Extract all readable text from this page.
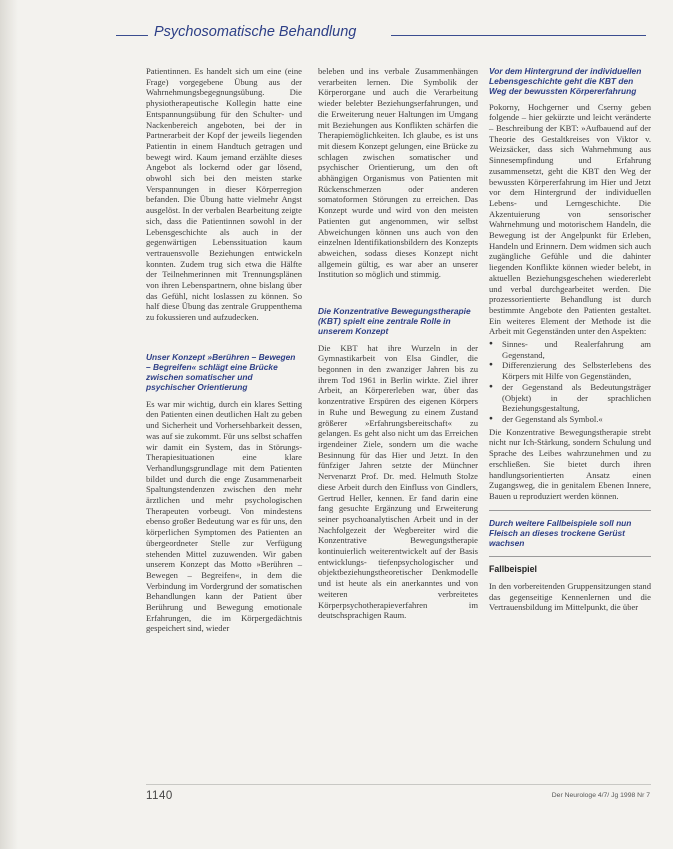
Psychosomatische Behandlung

Patientinnen. Es handelt sich um eine (eine Frage) vorgegebene Übung aus der Wahrnehmungsbegegnungsübung. Die physiotherapeutische Kollegin hatte eine Entspannungsübung für den Schulter- und Nackenbereich angeboten, bei der in Partnerarbeit der Kopf der jeweils liegenden Patientin in einem Handtuch getragen und bewegt wird. Kaum jemand erzählte dieses Angebot als lockernd oder gar lösend, obwohl sich bei den meisten starke Verspannungen in dieser Körperregion befanden. Die Übung hatte vielmehr Angst ausgelöst. In der verbalen Bearbeitung zeigte sich, dass die Patientinnen sowohl in der Lebensgeschichte als auch in der gegenwärtigen Lebenssituation kaum vertrauensvolle Beziehungen entwickeln konnten. Zudem trug sich etwa die Hälfte der Teilnehmerinnen mit Trennungsplänen von ihren Lebenspartnern, ohne bislang über das Gefühl, nicht loslassen zu können. So half diese Übung das zentrale Gruppenthema zu fokussieren und aufzudecken.

Unser Konzept »Berühren – Bewegen – Begreifen« schlägt eine Brücke zwischen somatischer und psychischer Orientierung

Es war mir wichtig, durch ein klares Setting den Patienten einen deutlichen Halt zu geben und Sicherheit und Vorhersehbarkeit dessen, was auf sie zukommt. Für uns selbst schaffen wir damit ein System, das in Störungs- Therapiesituationen eine klare Verhandlungsgrundlage mit dem Patienten bildet und durch die enge Zusammenarbeit Spaltungstendenzen zwischen den mehr ärztlichen und mehr psychologischen Therapeuten vorbeugt. Von mindestens ebenso großer Bedeutung war es für uns, den körperlichen Symptomen des Patienten an übergeordneter Stelle zur Verfügung stehenden Mittel zuzuwenden. Wir gaben unserem Konzept das Motto »Berühren – Bewegen – Begreifen«, in dem die Verbindung im Vordergrund der somatischen Behandlungen kann der Patient über Berührung und Bewegung emotionale Erfahrungen, die im Körpergedächtnis gespeichert sind, wieder

beleben und ins verbale Zusammenhängen verarbeiten lernen. Die Symbolik der Körperorgane und auch die Verarbeitung wieder belebter Beziehungserfahrungen, und die Erweiterung neuer Haltungen im Umgang mit Beziehungen aus Konflikten schärfen die Therapiemöglichkeiten. Ich glaube, es ist uns mit diesem Konzept gelungen, eine Brücke zu schlagen zwischen somatischer und psychischer Orientierung, um den oft abhängigen Organismus von Patienten mit Rückenschmerzen oder anderen somatoformen Störungen zu erreichen. Das Konzept wurde und wird von den meisten Patienten gut angenommen, wir selbst Abweichungen können uns auch von den einzelnen Identifikationsbildern des Konzepts abweichen, sodass dieses Konzept nicht allgemein gültig, es war aber an unserer Institution so möglich und stimmig.

Die Konzentrative Bewegungstherapie (KBT) spielt eine zentrale Rolle in unserem Konzept

Die KBT hat ihre Wurzeln in der Gymnastikarbeit von Elsa Gindler, die begonnen in den zwanziger Jahren bis zu ihrem Tod 1961 in Berlin wirkte. Ziel ihrer Arbeit, an Körpererleben war, über das konzentrative Erspüren des eigenen Körpers in Ruhe und Bewegung zu einem Zustand größerer »Erfahrungsbereitschaft« zu gelangen. Es geht also nicht um das Erreichen irgendeiner Ziele, sondern um die wache Besinnung für das Hier und Jetzt. In den fünfziger Jahren setzte der Münchner Nervenarzt Prof. Dr. med. Helmuth Stolze diese Arbeit durch den Einfluss von Gindlers, Gertrud Heller, kennen. Er fand darin eine fang gesuchte Ergänzung und Erweiterung seiner psychoanalytischen Arbeit und in der Nachfolgezeit der Wegbereiter wird die Konzentrative Bewegungstherapie kontinuierlich weiterentwickelt auf der Basis entwicklungs- tiefenpsychologischer und objektbeziehungstheoretischer Denkmodelle und ist heute als ein anerkanntes und von weiteren verbreitetes Körperpsychotherapieverfahren im deutschsprachigen Raum.

Vor dem Hintergrund der individuellen Lebensgeschichte geht die KBT den Weg der bewussten Körpererfahrung

Pokorny, Hochgerner und Cserny geben folgende – hier gekürzte und leicht veränderte – Beschreibung der KBT: »Aufbauend auf der Theorie des Gestaltkreises von Viktor v. Weizsäcker, dass sich Wahrnehmung aus Sinnesempfindung und Erfahrung zusammensetzt, geht die KBT den Weg der bewussten Körpererfahrung im Hier und Jetzt vor dem Hintergrund der individuellen Lebens- und Lerngeschichte. Die Akzentuierung von sensorischer Wahrnehmung und motorischem Handeln, die Bewegung ist der Angelpunkt für Erleben, Handeln und Erinnern. Dem widmen sich auch zugängliche Gefühle und die dahinter liegenden Konflikte können wieder belebt, in aktuellen Beziehungsgeschehen wiedererlebt und verbal durchgearbeitet werden. Die prozessorientierte Behandlung ist durch bestimmte Angebote den Patienten gestaltet. Ein weiteres Element der Methode ist die Arbeit mit Gegenständen unter den Aspekten:

● Sinnes- und Realerfahrung am Gegenstand,
● Differenzierung des Selbsterlebens des Körpers mit Hilfe von Gegenständen,
● der Gegenstand als Bedeutungsträger (Objekt) in der sprachlichen Beziehungsgestaltung,
● der Gegenstand als Symbol.«

Die Konzentrative Bewegungstherapie strebt nicht nur Ich-Stärkung, sondern Schulung und Sprache des Leibes wahrzunehmen und zu erschließen. Sie bietet durch ihren handlungsorientierten Ansatz einen Zugangsweg, die in genitalem Ebenen Innere, Bauen u reproduziert werden können.

Durch weitere Fallbeispiele soll nun Fleisch an dieses trockene Gerüst wachsen

Fallbeispiel

In den vorbereitenden Gruppensitzungen stand das gegenseitige Kennenlernen und die Vertrauensbildung im Mittelpunkt, die über

1140	Der Neurologe 4/7/ Jg 1998 Nr 7
